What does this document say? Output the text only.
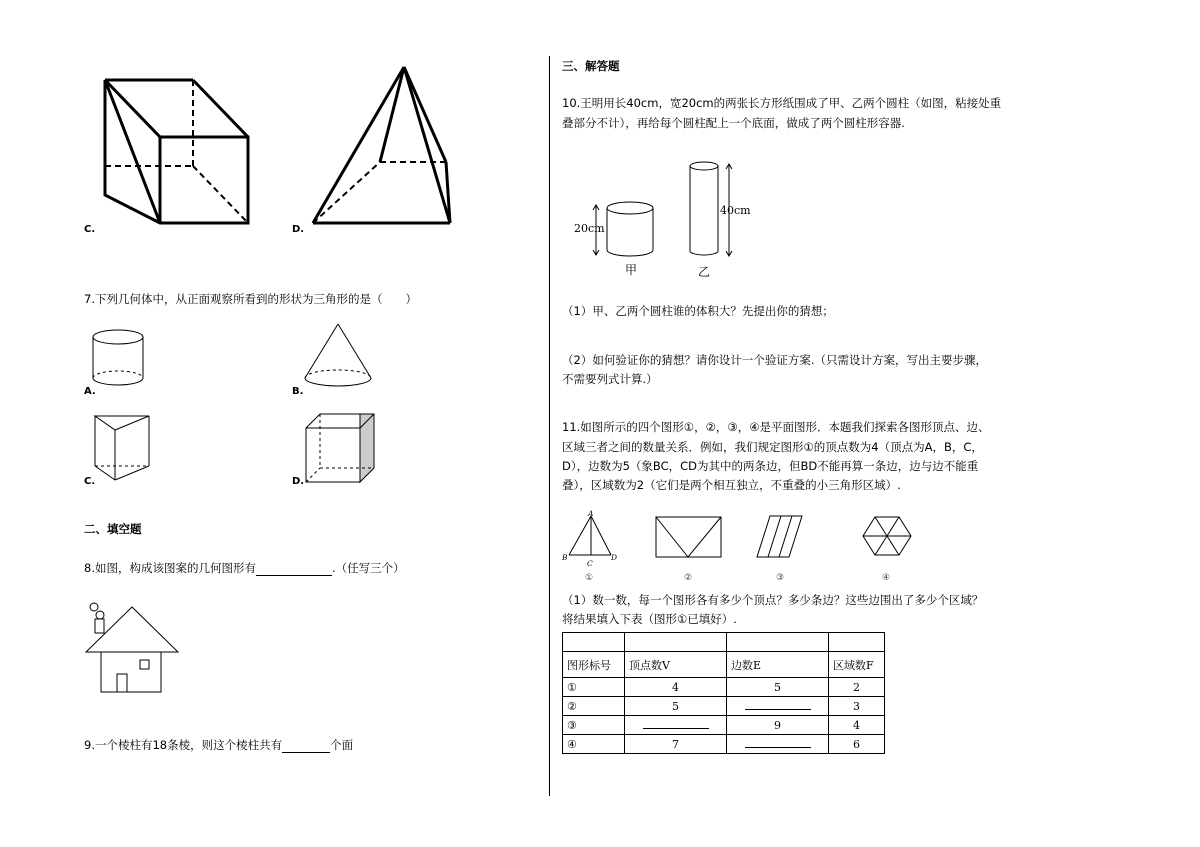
C.	D.
7.下列几何体中，从正面观察所看到的形状为三角形的是（　　）
A.	B.
C.	D.
二、填空题
8.如图，构成该图案的几何图形有	.（任写三个）
9.一个棱柱有18条棱，则这个棱柱共有	个面
三、解答题
10.王明用长40cm，宽20cm的两张长方形纸围成了甲、乙两个圆柱（如图，粘接处重
叠部分不计），再给每个圆柱配上一个底面，做成了两个圆柱形容器.
20cm
40cm
甲	乙
（1）甲、乙两个圆柱谁的体积大？先提出你的猜想；
（2）如何验证你的猜想？请你设计一个验证方案.（只需设计方案，写出主要步骤，
不需要列式计算.）
11.如图所示的四个图形①，②，③，④是平面图形．本题我们探索各图形顶点、边、
区域三者之间的数量关系．例如，我们规定图形①的顶点数为4（顶点为A，B，C，
D），边数为5（象BC，CD为其中的两条边，但BD不能再算一条边，边与边不能重
叠），区域数为2（它们是两个相互独立，不重叠的小三角形区域）.
A
B
C
D
①	②	③	④
（1）数一数，每一个图形各有多少个顶点？多少条边？这些边围出了多少个区域？
将结果填入下表（图形①已填好）.

图形标号	顶点数V	边数E	区域数F
①	4	5	2
②	5		3
③		9	4
④	7		6
